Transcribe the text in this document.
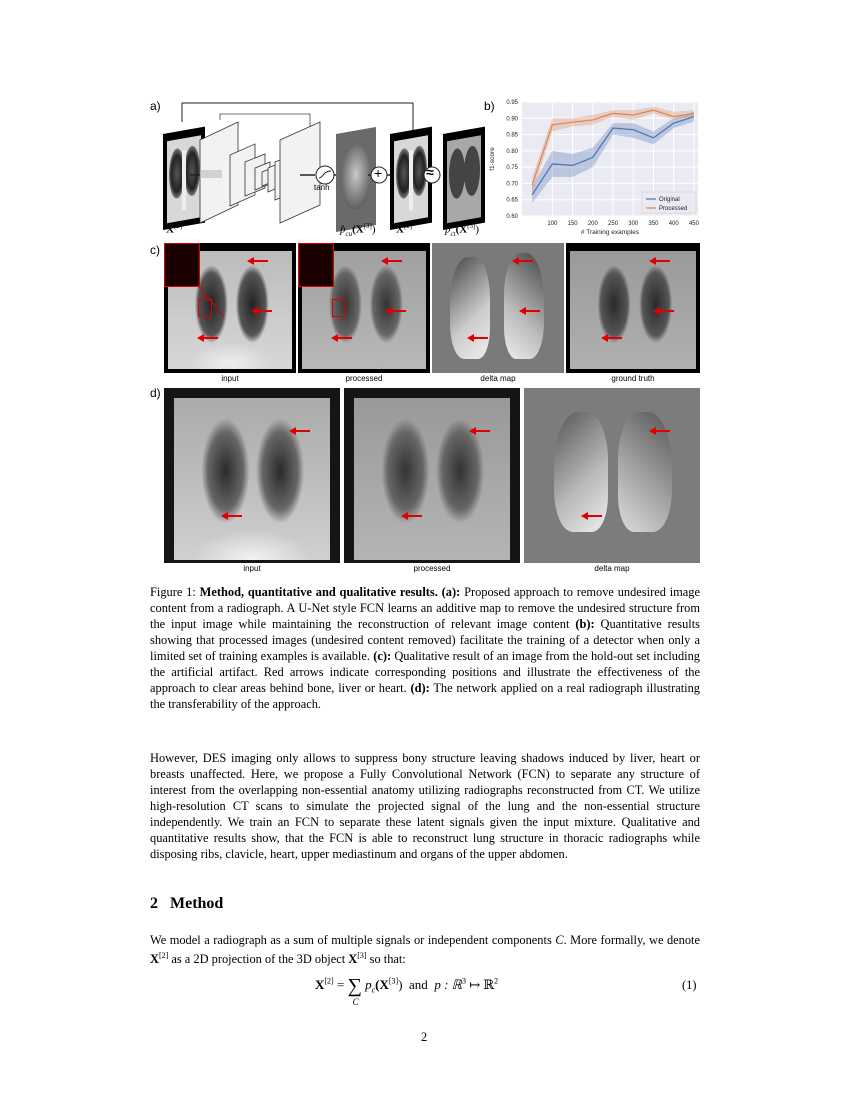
a)
+	≈
tanh
X[2]	$p̂_{cu}(X[3])$ X[2]	$p_{ct}(X[3])$
b)
0.60
0.65
0.70
0.75
0.80
0.85
0.90
0.95
100 150 200 250 300 350 400 450
# Training examples
f1-score
Original
Processed
c)
input	processed	delta map	ground truth
d)
input	processed	delta map
Figure 1: Method, quantitative and qualitative results. (a): Proposed approach to remove undesired image content from a radiograph. A U-Net style FCN learns an additive map to remove the undesired structure from the input image while maintaining the reconstruction of relevant image content (b): Quantitative results showing that processed images (undesired content removed) facilitate the training of a detector when only a limited set of training examples is available. (c): Qualitative result of an image from the hold-out set including the artificial artifact. Red arrows indicate corresponding positions and illustrate the effectiveness of the approach to clear areas behind bone, liver or heart. (d): The network applied on a real radiograph illustrating the transferability of the approach.
However, DES imaging only allows to suppress bony structure leaving shadows induced by liver, heart or breasts unaffected. Here, we propose a Fully Convolutional Network (FCN) to separate any structure of interest from the overlapping non-essential anatomy utilizing radiographs reconstructed from CT. We utilize high-resolution CT scans to simulate the projected signal of the lung and the non-essential structure independently. We train an FCN to separate these latent signals given the input mixture. Qualitative and quantitative results show, that the FCN is able to reconstruct lung structure in thoracic radiographs while disposing ribs, clavicle, heart, upper mediastinum and organs of the upper abdomen.
2 Method
We model a radiograph as a sum of multiple signals or independent components C. More formally, we denote X[2] as a 2D projection of the 3D object X[3] so that:
X[2] = ∑
C
$p_c(X[3])$ and p : ℝ$^3$ ↦ ℝ$^2$	(1)
2
